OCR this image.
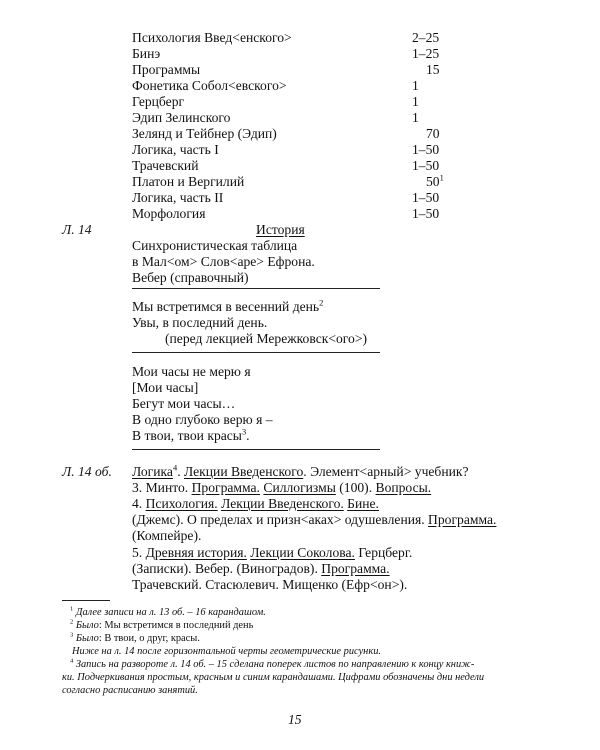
Психология Введ<енского>	2–25
Бинэ	1–25
Программы	15
Фонетика Собол<евского>	1
Герцберг	1
Эдип Зелинского	1
Зелянд и Тейбнер (Эдип)	70
Логика, часть I	1–50
Трачевский	1–50
Платон и Вергилий	$50^1$
Логика, часть II	1–50
Морфология	1–50
Л. 14	История
Синхронистическая таблица
в Мал<ом> Слов<аре> Ефрона.
Вебер (справочный)
Мы встретимся в весенний день$^2$
Увы, в последний день.
(перед лекцией Мережковск<ого>)
Мои часы не мерю я
[Мои часы]
Бегут мои часы…
В одно глубоко верю я –
В твои, твои красы$^3$.
Л. 14 об. Логика$^4$. Лекции Введенского. Элемент<арный> учебник?
3. Минто. Программа. Силлогизмы (100). Вопросы.
4. Психология. Лекции Введенского. Бине.
(Джемс). О пределах и призн<аках> одушевления. Программа.
(Компейре).
5. Древняя история. Лекции Соколова. Герцберг.
(Записки). Вебер. (Виноградов). Программа.
Трачевский. Стасюлевич. Мищенко (Ефр<он>).
$^1$ Далее записи на л. 13 об. – 16 карандашом.
$^2$ Было: Мы встретимся в последний день
$^3$ Было: В твои, о друг, красы.
Ниже на л. 14 после горизонтальной черты геометрические рисунки.
$^4$ Запись на развороте л. 14 об. – 15 сделана поперек листов по направлению к концу книж-
ки. Подчеркивания простым, красным и синим карандашами. Цифрами обозначены дни недели
согласно расписанию занятий.
15
